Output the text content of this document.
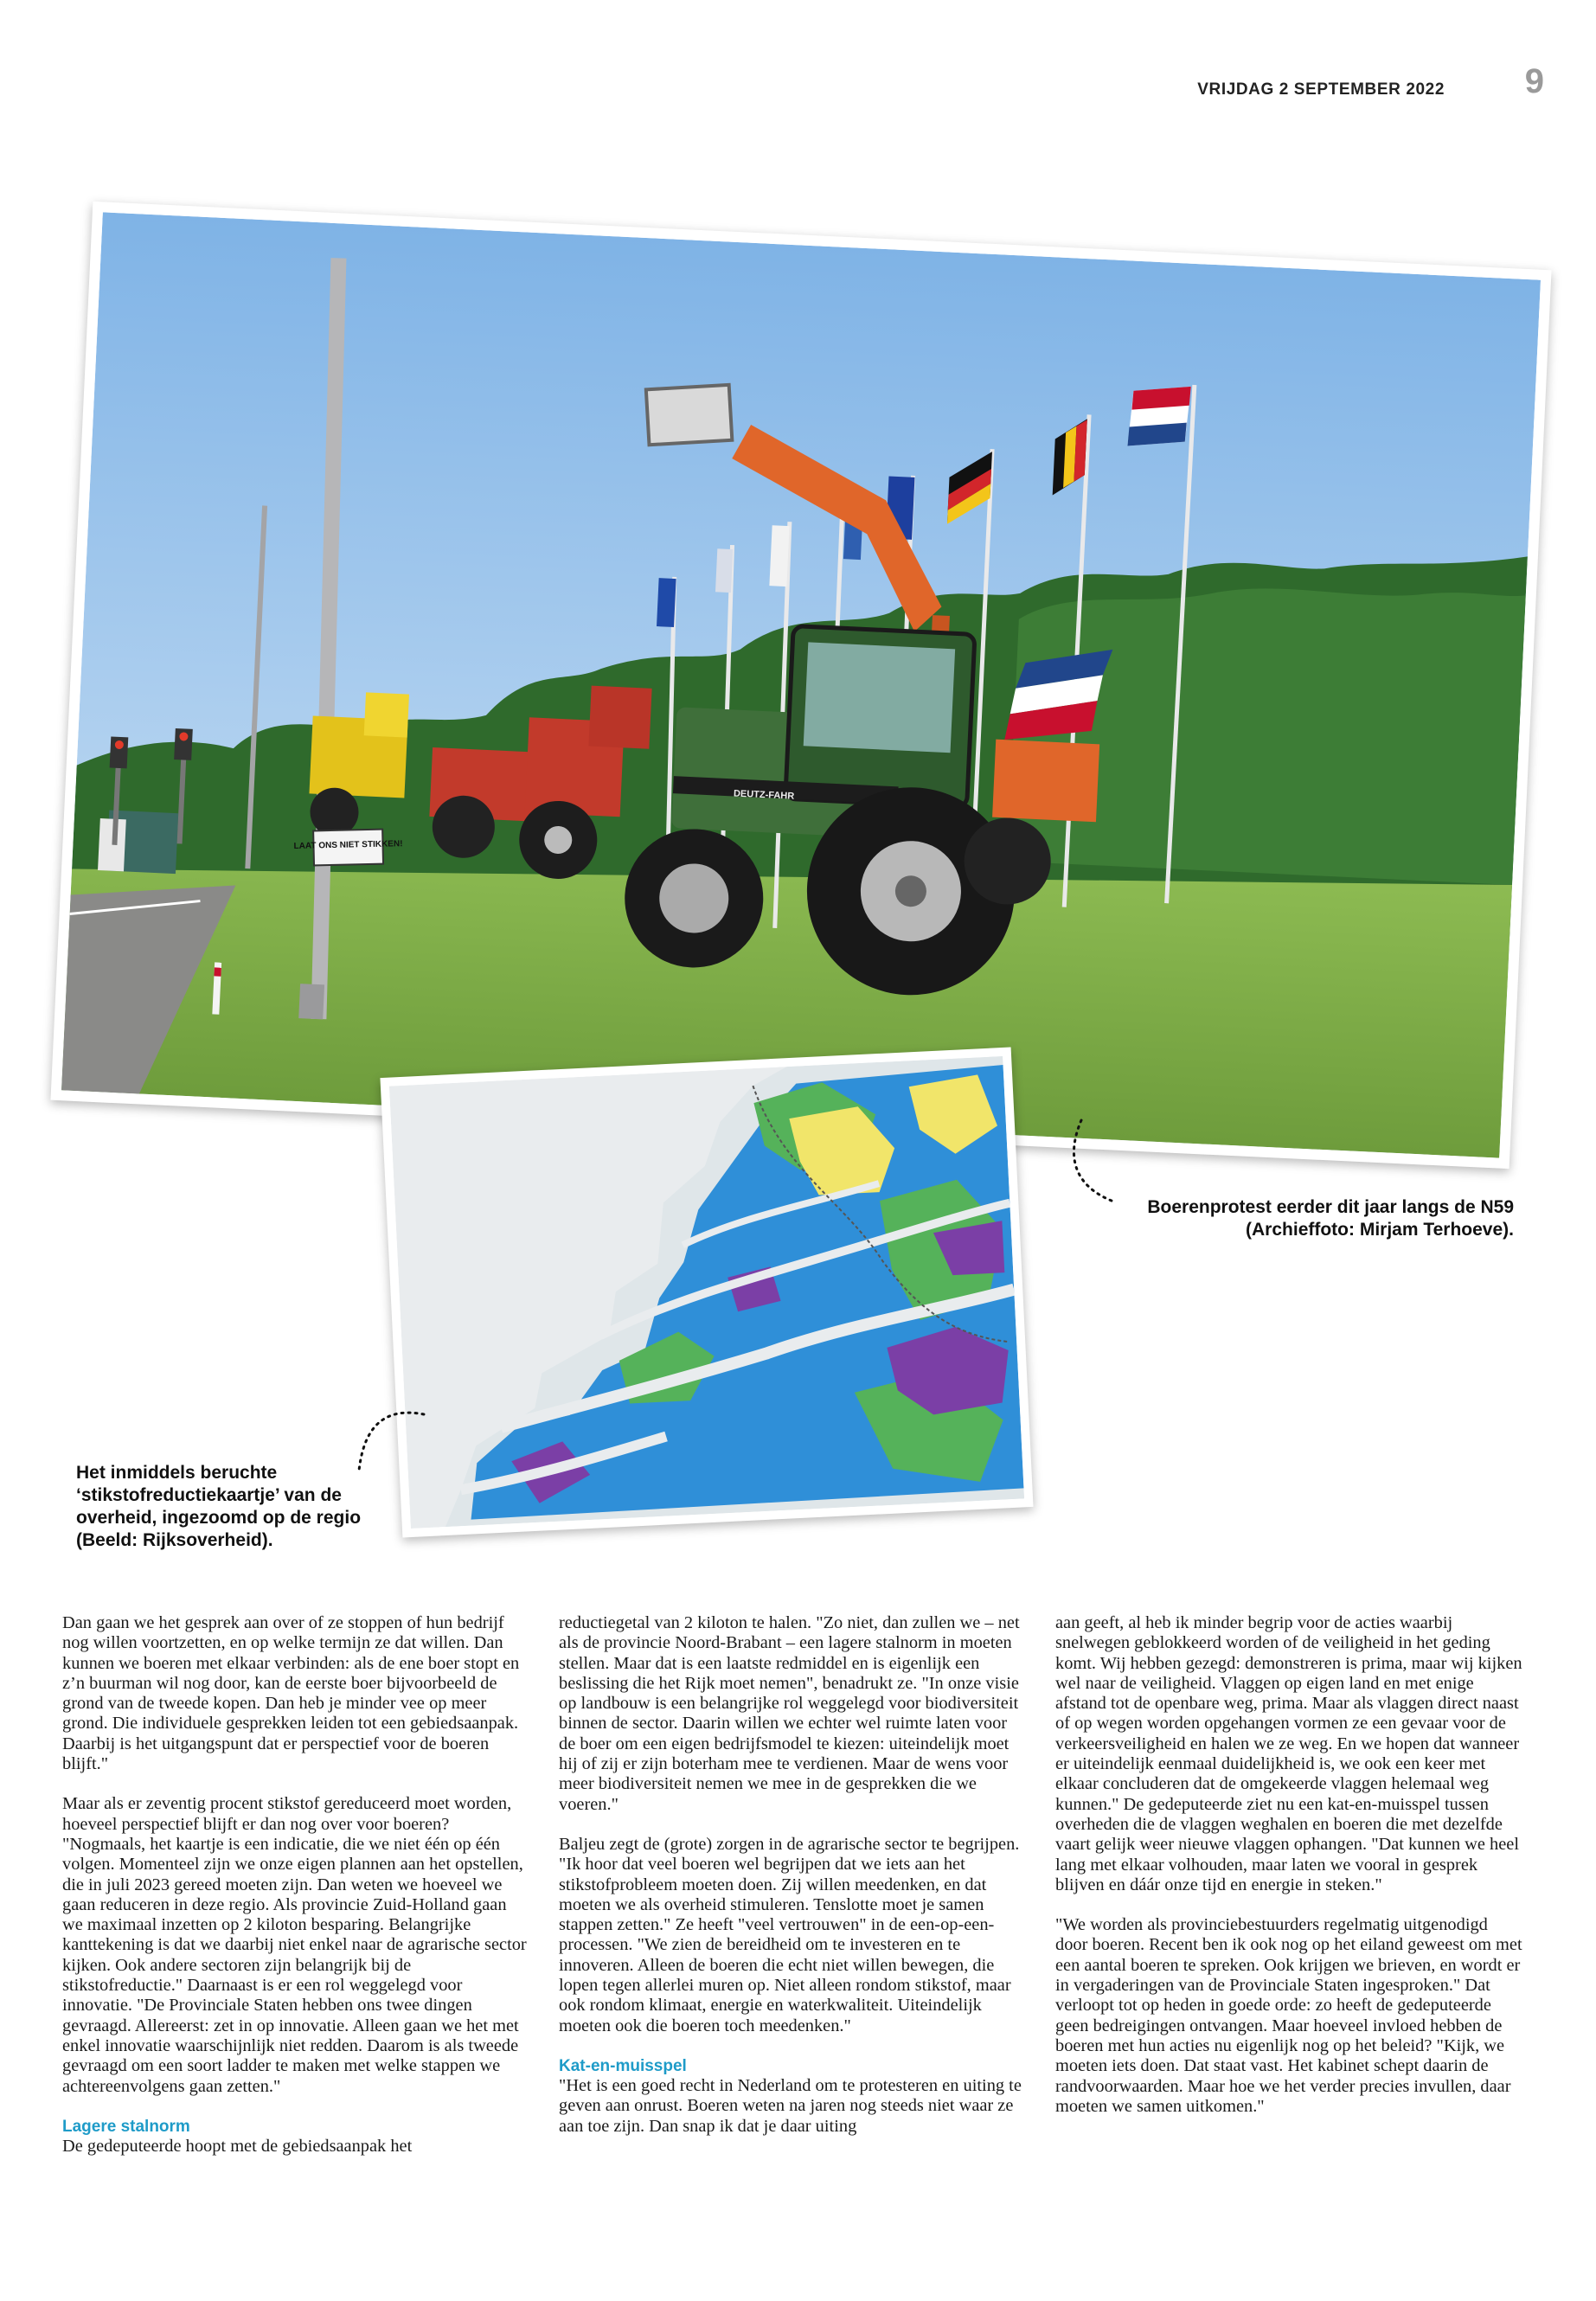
VRIJDAG 2 SEPTEMBER 2022 9
LAAT ONS NIET STIKKEN!
DEUTZ-FAHR
Boerenprotest eerder dit jaar langs de N59
(Archieffoto: Mirjam Terhoeve).
Het inmiddels beruchte
‘stikstofreductiekaartje’ van de
overheid, ingezoomd op de regio
(Beeld: Rijksoverheid).

Dan gaan we het gesprek aan over of ze stoppen of hun bedrijf nog willen voortzetten, en op welke termijn ze dat willen. Dan kunnen we boeren met elkaar verbinden: als de ene boer stopt en z’n buurman wil nog door, kan de eerste boer bijvoorbeeld de grond van de tweede kopen. Dan heb je minder vee op meer grond. Die individuele gesprekken leiden tot een gebiedsaanpak. Daarbij is het uitgangspunt dat er perspectief voor de boeren blijft."

Maar als er zeventig procent stikstof gereduceerd moet worden, hoeveel perspectief blijft er dan nog over voor boeren? "Nogmaals, het kaartje is een indicatie, die we niet één op één volgen. Momenteel zijn we onze eigen plannen aan het opstellen, die in juli 2023 gereed moeten zijn. Dan weten we hoeveel we gaan reduceren in deze regio. Als provincie Zuid-Holland gaan we maximaal inzetten op 2 kiloton besparing. Belangrijke kanttekening is dat we daarbij niet enkel naar de agrarische sector kijken. Ook andere sectoren zijn belangrijk bij de stikstofreductie." Daarnaast is er een rol weggelegd voor innovatie. "De Provinciale Staten hebben ons twee dingen gevraagd. Allereerst: zet in op innovatie. Alleen gaan we het met enkel innovatie waarschijnlijk niet redden. Daarom is als tweede gevraagd om een soort ladder te maken met welke stappen we achtereenvolgens gaan zetten."

Lagere stalnorm

De gedeputeerde hoopt met de gebiedsaanpak het

reductiegetal van 2 kiloton te halen. "Zo niet, dan zullen we – net als de provincie Noord-Brabant – een lagere stalnorm in moeten stellen. Maar dat is een laatste redmiddel en is eigenlijk een beslissing die het Rijk moet nemen", benadrukt ze. "In onze visie op landbouw is een belangrijke rol weggelegd voor biodiversiteit binnen de sector. Daarin willen we echter wel ruimte laten voor de boer om een eigen bedrijfsmodel te kiezen: uiteindelijk moet hij of zij er zijn boterham mee te verdienen. Maar de wens voor meer biodiversiteit nemen we mee in de gesprekken die we voeren."

Baljeu zegt de (grote) zorgen in de agrarische sector te begrijpen. "Ik hoor dat veel boeren wel begrijpen dat we iets aan het stikstofprobleem moeten doen. Zij willen meedenken, en dat moeten we als overheid stimuleren. Tenslotte moet je samen stappen zetten." Ze heeft "veel vertrouwen" in de een-op-een-processen. "We zien de bereidheid om te investeren en te innoveren. Alleen de boeren die echt niet willen bewegen, die lopen tegen allerlei muren op. Niet alleen rondom stikstof, maar ook rondom klimaat, energie en waterkwaliteit. Uiteindelijk moeten ook die boeren toch meedenken."

Kat-en-muisspel

"Het is een goed recht in Nederland om te protesteren en uiting te geven aan onrust. Boeren weten na jaren nog steeds niet waar ze aan toe zijn. Dan snap ik dat je daar uiting

aan geeft, al heb ik minder begrip voor de acties waarbij snelwegen geblokkeerd worden of de veiligheid in het geding komt. Wij hebben gezegd: demonstreren is prima, maar wij kijken wel naar de veiligheid. Vlaggen op eigen land en met enige afstand tot de openbare weg, prima. Maar als vlaggen direct naast of op wegen worden opgehangen vormen ze een gevaar voor de verkeersveiligheid en halen we ze weg. En we hopen dat wanneer er uiteindelijk eenmaal duidelijkheid is, we ook een keer met elkaar concluderen dat de omgekeerde vlaggen helemaal weg kunnen." De gedeputeerde ziet nu een kat-en-muisspel tussen overheden die de vlaggen weghalen en boeren die met dezelfde vaart gelijk weer nieuwe vlaggen ophangen. "Dat kunnen we heel lang met elkaar volhouden, maar laten we vooral in gesprek blijven en dáár onze tijd en energie in steken."

"We worden als provinciebestuurders regelmatig uitgenodigd door boeren. Recent ben ik ook nog op het eiland geweest om met een aantal boeren te spreken. Ook krijgen we brieven, en wordt er in vergaderingen van de Provinciale Staten ingesproken." Dat verloopt tot op heden in goede orde: zo heeft de gedeputeerde geen bedreigingen ontvangen. Maar hoeveel invloed hebben de boeren met hun acties nu eigenlijk nog op het beleid? "Kijk, we moeten iets doen. Dat staat vast. Het kabinet schept daarin de randvoorwaarden. Maar hoe we het verder precies invullen, daar moeten we samen uitkomen."
